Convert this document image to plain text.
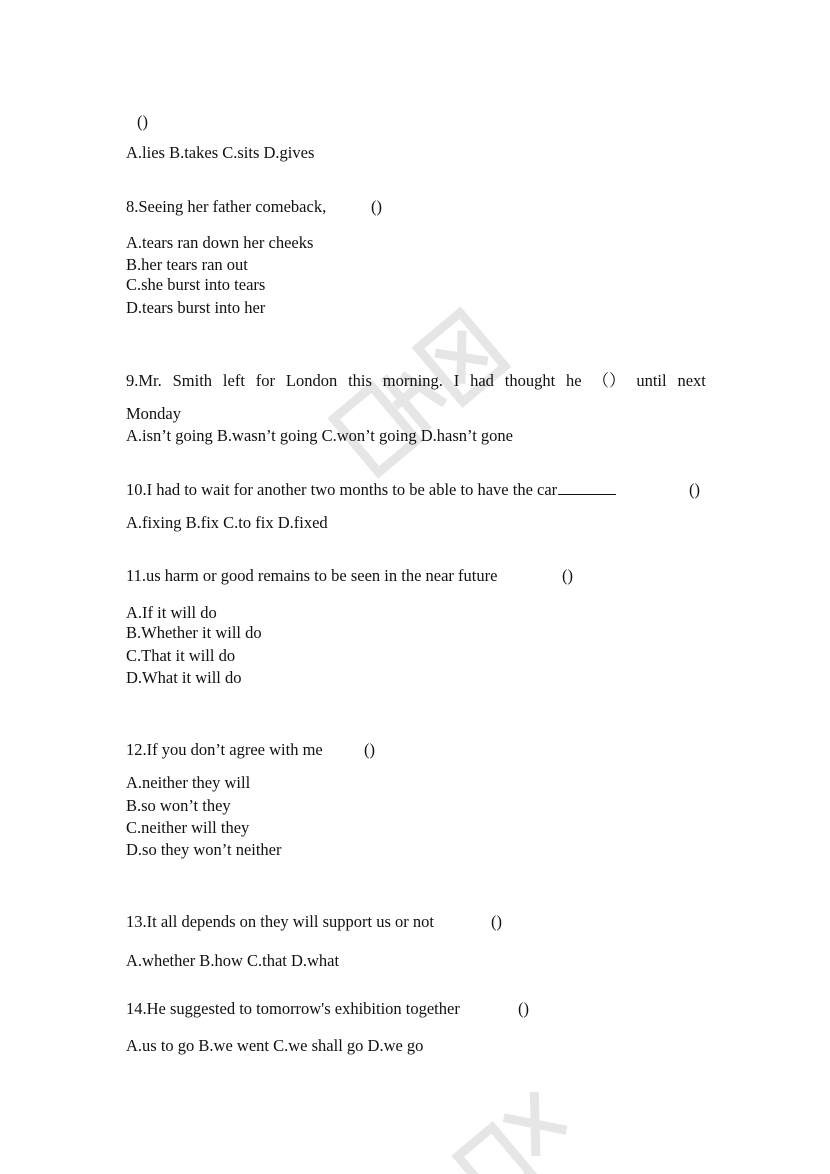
()
A.lies B.takes C.sits D.gives
8.Seeing her father comeback,	()
A.tears ran down her cheeks
B.her tears ran out
C.she burst into tears
D.tears burst into her
9.Mr. Smith left for London this morning. I had thought he （） until next
Monday
A.isn’t going B.wasn’t going C.won’t going D.hasn’t gone
10.I had to wait for another two months to be able to have the car	()
A.fixing B.fix C.to fix D.fixed
11.us harm or good remains to be seen in the near future	()
A.If it will do
B.Whether it will do
C.That it will do
D.What it will do
12.If you don’t agree with me	()
A.neither they will
B.so won’t they
C.neither will they
D.so they won’t neither
13.It all depends on they will support us or not	()
A.whether B.how C.that D.what
14.He suggested to tomorrow's exhibition together	()
A.us to go B.we went C.we shall go D.we go
